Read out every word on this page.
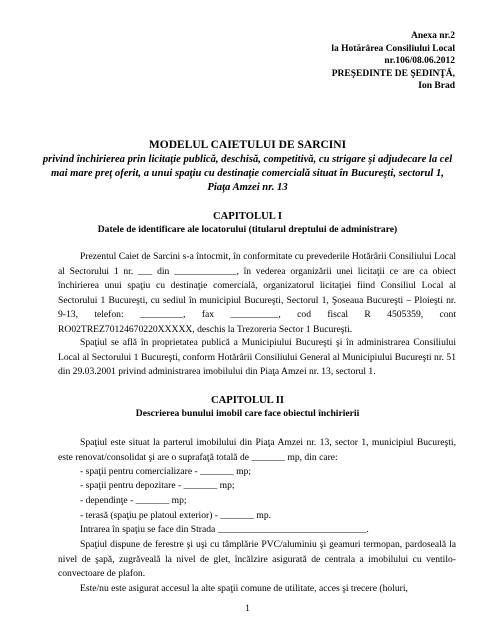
Anexa nr.2
la Hotărârea Consiliului Local
nr.106/08.06.2012
PREŞEDINTE DE ŞEDINŢĂ,
Ion Brad
MODELUL CAIETULUI DE SARCINI
privind închirierea prin licitaţie publică, deschisă, competitivă, cu strigare şi adjudecare la cel mai mare preţ oferit, a unui spaţiu cu destinaţie comercială situat în Bucureşti, sectorul 1, Piaţa Amzei nr. 13
CAPITOLUL I
Datele de identificare ale locatorului (titularul dreptului de administrare)
Prezentul Caiet de Sarcini s-a întocmit, în conformitate cu prevederile Hotărârii Consiliului Local al Sectorului 1 nr. ___ din _____________, în vederea organizării unei licitaţii ce are ca obiect închirierea unui spaţiu cu destinaţie comercială, organizatorul licitaţiei fiind Consiliul Local al Sectorului 1 Bucureşti, cu sediul în municipiul Bucureşti, Sectorul 1, Şoseaua Bucureşti – Ploieşti nr. 9-13, telefon: _________, fax __________, cod fiscal R 4505359, cont RO02TREZ70124670220XXXXX, deschis la Trezoreria Sector 1 Bucureşti.
Spaţiul se află în proprietatea publică a Municipiului Bucureşti şi în administrarea Consiliului Local al Sectorului 1 Bucureşti, conform Hotărârii Consiliului General al Municipiului Bucureşti nr. 51 din 29.03.2001 privind administrarea imobilului din Piaţa Amzei nr. 13, sectorul 1.
CAPITOLUL II
Descrierea bunului imobil care face obiectul închirierii
Spaţiul este situat la parterul imobilului din Piaţa Amzei nr. 13, sector 1, municipiul Bucureşti, este renovat/consolidat şi are o suprafaţă totală de _______ mp, din care:
- spaţii pentru comercializare - _______ mp;
- spaţii pentru depozitare - _______ mp;
- dependinţe - _______ mp;
- terasă (spaţiu pe platoul exterior) - _______ mp.
Intrarea în spaţiu se face din Strada _______________________________.
Spaţiul dispune de ferestre şi uşi cu tâmplărie PVC/aluminiu şi geamuri termopan, pardoseală la nivel de şapă, zugrăveală la nivel de glet, încălzire asigurată de centrala a imobilului cu ventilo-convectoare de plafon.
Este/nu este asigurat accesul la alte spaţii comune de utilitate, acces şi trecere (holuri,
1
